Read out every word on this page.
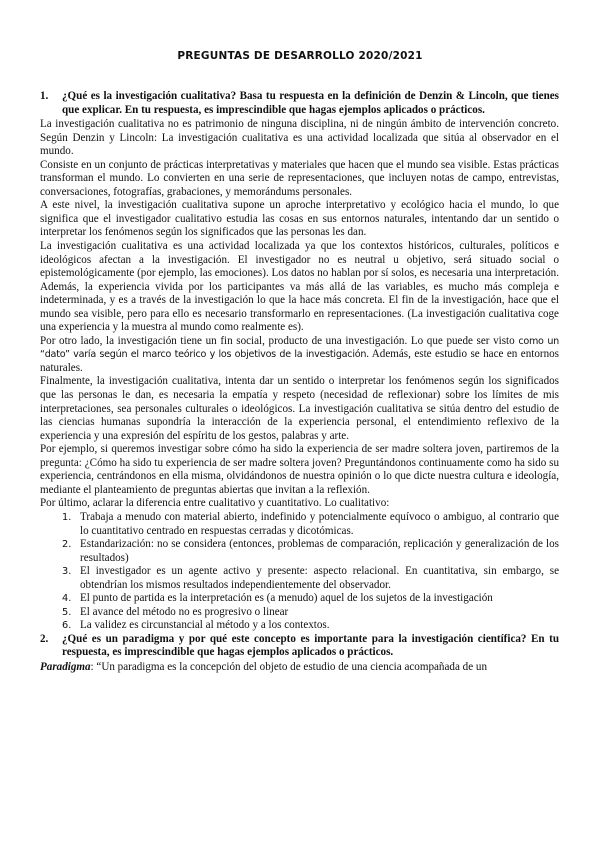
PREGUNTAS DE DESARROLLO 2020/2021
1.	¿Qué es la investigación cualitativa? Basa tu respuesta en la definición de Denzin & Lincoln, que tienes que explicar. En tu respuesta, es imprescindible que hagas ejemplos aplicados o prácticos.
La investigación cualitativa no es patrimonio de ninguna disciplina, ni de ningún ámbito de intervención concreto. Según Denzin y Lincoln: La investigación cualitativa es una actividad localizada que sitúa al observador en el mundo.
Consiste en un conjunto de prácticas interpretativas y materiales que hacen que el mundo sea visible. Estas prácticas transforman el mundo. Lo convierten en una serie de representaciones, que incluyen notas de campo, entrevistas, conversaciones, fotografías, grabaciones, y memorándums personales.
A este nivel, la investigación cualitativa supone un aproche interpretativo y ecológico hacia el mundo, lo que significa que el investigador cualitativo estudia las cosas en sus entornos naturales, intentando dar un sentido o interpretar los fenómenos según los significados que las personas les dan.
La investigación cualitativa es una actividad localizada ya que los contextos históricos, culturales, políticos e ideológicos afectan a la investigación. El investigador no es neutral u objetivo, será situado social o epistemológicamente (por ejemplo, las emociones). Los datos no hablan por sí solos, es necesaria una interpretación. Además, la experiencia vivida por los participantes va más allá de las variables, es mucho más compleja e indeterminada, y es a través de la investigación lo que la hace más concreta. El fin de la investigación, hace que el mundo sea visible, pero para ello es necesario transformarlo en representaciones. (La investigación cualitativa coge una experiencia y la muestra al mundo como realmente es).
Por otro lado, la investigación tiene un fin social, producto de una investigación. Lo que puede ser visto como un “dato” varía según el marco teórico y los objetivos de la investigación. Además, este estudio se hace en entornos naturales.
Finalmente, la investigación cualitativa, intenta dar un sentido o interpretar los fenómenos según los significados que las personas le dan, es necesaria la empatía y respeto (necesidad de reflexionar) sobre los límites de mis interpretaciones, sea personales culturales o ideológicos. La investigación cualitativa se sitúa dentro del estudio de las ciencias humanas supondría la interacción de la experiencia personal, el entendimiento reflexivo de la experiencia y una expresión del espíritu de los gestos, palabras y arte.
Por ejemplo, si queremos investigar sobre cómo ha sido la experiencia de ser madre soltera joven, partiremos de la pregunta: ¿Cómo ha sido tu experiencia de ser madre soltera joven? Preguntándonos continuamente como ha sido su experiencia, centrándonos en ella misma, olvidándonos de nuestra opinión o lo que dicte nuestra cultura e ideología, mediante el planteamiento de preguntas abiertas que invitan a la reflexión.
Por último, aclarar la diferencia entre cualitativo y cuantitativo. Lo cualitativo:
1. Trabaja a menudo con material abierto, indefinido y potencialmente equívoco o ambiguo, al contrario que lo cuantitativo centrado en respuestas cerradas y dicotómicas.
2. Estandarización: no se considera (entonces, problemas de comparación, replicación y generalización de los resultados)
3. El investigador es un agente activo y presente: aspecto relacional. En cuantitativa, sin embargo, se obtendrían los mismos resultados independientemente del observador.
4. El punto de partida es la interpretación es (a menudo) aquel de los sujetos de la investigación
5. El avance del método no es progresivo o linear
6. La validez es circunstancial al método y a los contextos.
2.	¿Qué es un paradigma y por qué este concepto es importante para la investigación científica? En tu respuesta, es imprescindible que hagas ejemplos aplicados o prácticos.
Paradigma: “Un paradigma es la concepción del objeto de estudio de una ciencia acompañada de un
